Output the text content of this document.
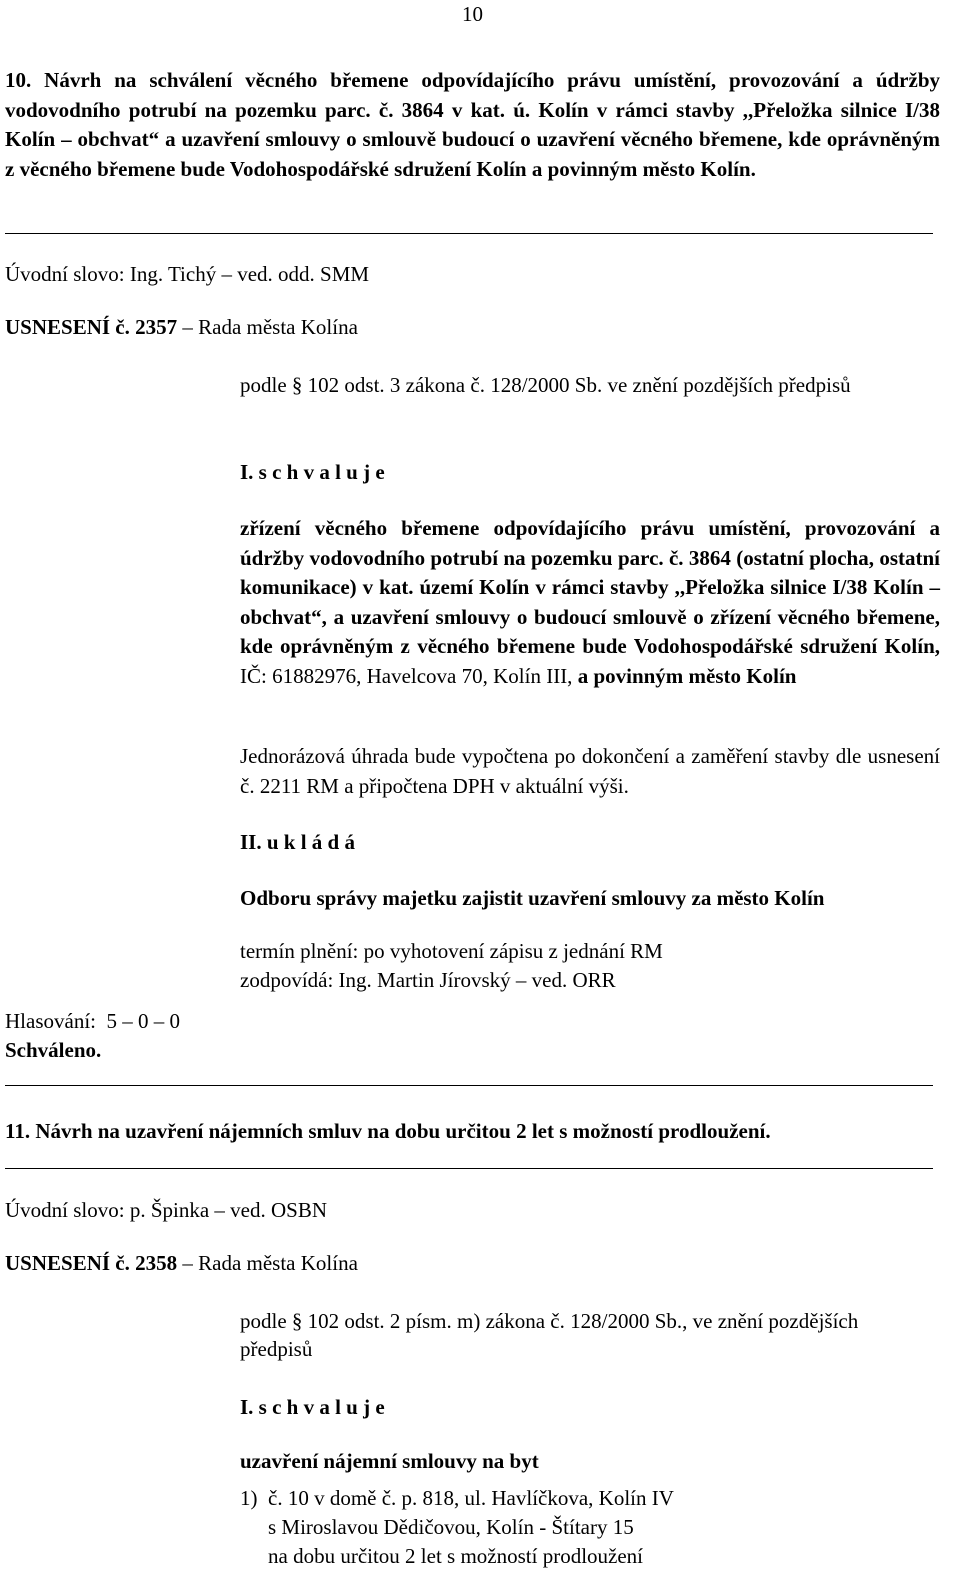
10
10. Návrh na schválení věcného břemene odpovídajícího právu umístění, provozování a údržby vodovodního potrubí na pozemku parc. č. 3864 v kat. ú. Kolín v rámci stavby ,,Přeložka silnice I/38 Kolín – obchvat“ a uzavření smlouvy o smlouvě budoucí o uzavření věcného břemene, kde oprávněným z věcného břemene bude Vodohospodářské sdružení Kolín a povinným město Kolín.
Úvodní slovo: Ing. Tichý – ved. odd. SMM
USNESENÍ č. 2357 – Rada města Kolína
podle § 102 odst. 3 zákona č. 128/2000 Sb. ve znění pozdějších předpisů
I. s c h v a l u j e
zřízení věcného břemene odpovídajícího právu umístění, provozování a údržby vodovodního potrubí na pozemku parc. č. 3864 (ostatní plocha, ostatní komunikace) v kat. území Kolín v rámci stavby ,,Přeložka silnice I/38 Kolín – obchvat“, a uzavření smlouvy o budoucí smlouvě o zřízení věcného břemene, kde oprávněným z věcného břemene bude Vodohospodářské sdružení Kolín, IČ: 61882976, Havelcova 70, Kolín III, a povinným město Kolín
Jednorázová úhrada bude vypočtena po dokončení a zaměření stavby dle usnesení č. 2211 RM a připočtena DPH v aktuální výši.
II. u k l á d á
Odboru správy majetku zajistit uzavření smlouvy za město Kolín
termín plnění: po vyhotovení zápisu z jednání RM
zodpovídá: Ing. Martin Jírovský – ved. ORR
Hlasování:  5 – 0 – 0
Schváleno.
11. Návrh na uzavření nájemních smluv na dobu určitou 2 let s možností prodloužení.
Úvodní slovo: p. Špinka – ved. OSBN
USNESENÍ č. 2358 – Rada města Kolína
podle § 102 odst. 2 písm. m) zákona č. 128/2000 Sb., ve znění pozdějších předpisů
I. s c h v a l u j e
uzavření nájemní smlouvy na byt
1) č. 10 v domě č. p. 818, ul. Havlíčkova, Kolín IV
s Miroslavou Dědičovou, Kolín - Štítary 15
na dobu určitou 2 let s možností prodloužení
